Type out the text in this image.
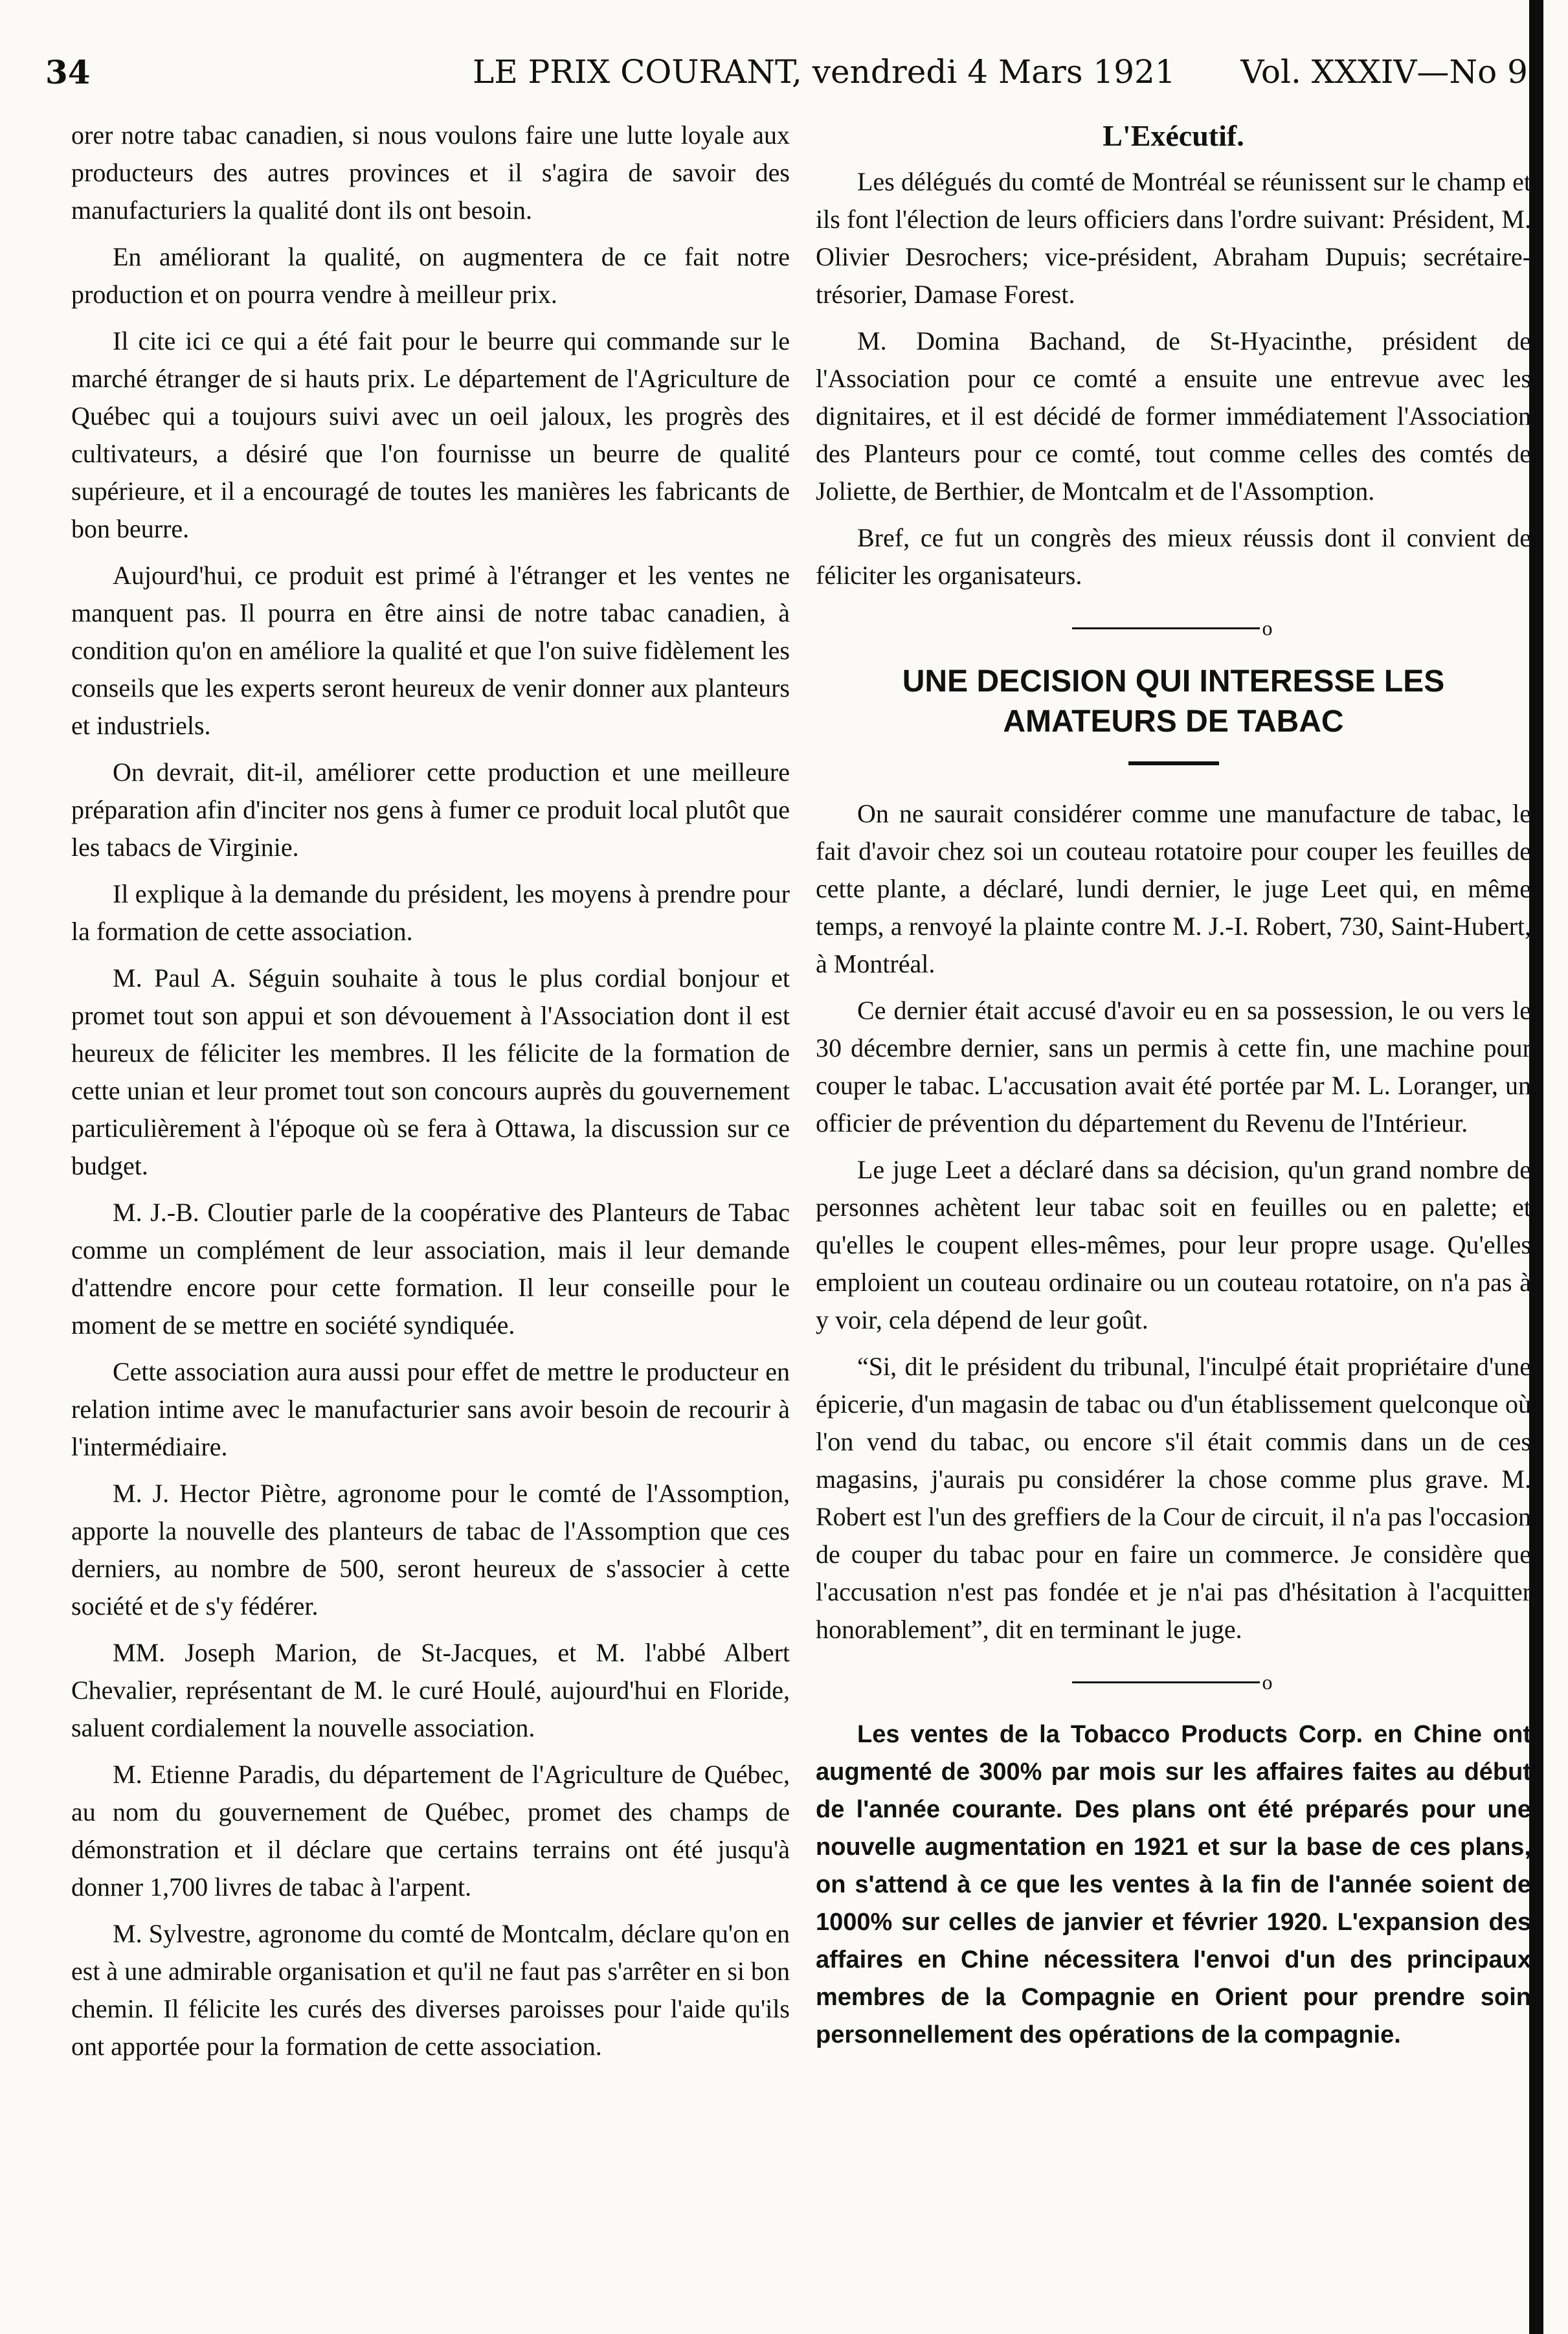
34	LE PRIX COURANT, vendredi 4 Mars 1921 Vol. XXXIV—No 9

orer notre tabac canadien, si nous voulons faire une lutte loyale aux producteurs des autres provinces et il s'agira de savoir des manufacturiers la qualité dont ils ont besoin.

En améliorant la qualité, on augmentera de ce fait notre production et on pourra vendre à meilleur prix.

Il cite ici ce qui a été fait pour le beurre qui commande sur le marché étranger de si hauts prix. Le département de l'Agriculture de Québec qui a toujours suivi avec un oeil jaloux, les progrès des cultivateurs, a désiré que l'on fournisse un beurre de qualité supérieure, et il a encouragé de toutes les manières les fabricants de bon beurre.

Aujourd'hui, ce produit est primé à l'étranger et les ventes ne manquent pas. Il pourra en être ainsi de notre tabac canadien, à condition qu'on en améliore la qualité et que l'on suive fidèlement les conseils que les experts seront heureux de venir donner aux planteurs et industriels.

On devrait, dit-il, améliorer cette production et une meilleure préparation afin d'inciter nos gens à fumer ce produit local plutôt que les tabacs de Virginie.

Il explique à la demande du président, les moyens à prendre pour la formation de cette association.

M. Paul A. Séguin souhaite à tous le plus cordial bonjour et promet tout son appui et son dévouement à l'Association dont il est heureux de féliciter les membres. Il les félicite de la formation de cette unian et leur promet tout son concours auprès du gouvernement particulièrement à l'époque où se fera à Ottawa, la discussion sur ce budget.

M. J.-B. Cloutier parle de la coopérative des Planteurs de Tabac comme un complément de leur association, mais il leur demande d'attendre encore pour cette formation. Il leur conseille pour le moment de se mettre en société syndiquée.

Cette association aura aussi pour effet de mettre le producteur en relation intime avec le manufacturier sans avoir besoin de recourir à l'intermédiaire.

M. J. Hector Piètre, agronome pour le comté de l'Assomption, apporte la nouvelle des planteurs de tabac de l'Assomption que ces derniers, au nombre de 500, seront heureux de s'associer à cette société et de s'y fédérer.

MM. Joseph Marion, de St-Jacques, et M. l'abbé Albert Chevalier, représentant de M. le curé Houlé, aujourd'hui en Floride, saluent cordialement la nouvelle association.

M. Etienne Paradis, du département de l'Agriculture de Québec, au nom du gouvernement de Québec, promet des champs de démonstration et il déclare que certains terrains ont été jusqu'à donner 1,700 livres de tabac à l'arpent.

M. Sylvestre, agronome du comté de Montcalm, déclare qu'on en est à une admirable organisation et qu'il ne faut pas s'arrêter en si bon chemin. Il félicite les curés des diverses paroisses pour l'aide qu'ils ont apportée pour la formation de cette association.

L'Exécutif.

Les délégués du comté de Montréal se réunissent sur le champ et ils font l'élection de leurs officiers dans l'ordre suivant: Président, M. Olivier Desrochers; vice-président, Abraham Dupuis; secrétaire-trésorier, Damase Forest.

M. Domina Bachand, de St-Hyacinthe, président de l'Association pour ce comté a ensuite une entrevue avec les dignitaires, et il est décidé de former immédiatement l'Association des Planteurs pour ce comté, tout comme celles des comtés de Joliette, de Berthier, de Montcalm et de l'Assomption.

Bref, ce fut un congrès des mieux réussis dont il convient de féliciter les organisateurs.

o
UNE DECISION QUI INTERESSE LES AMATEURS DE TABAC

On ne saurait considérer comme une manufacture de tabac, le fait d'avoir chez soi un couteau rotatoire pour couper les feuilles de cette plante, a déclaré, lundi dernier, le juge Leet qui, en même temps, a renvoyé la plainte contre M. J.-I. Robert, 730, Saint-Hubert, à Montréal.

Ce dernier était accusé d'avoir eu en sa possession, le ou vers le 30 décembre dernier, sans un permis à cette fin, une machine pour couper le tabac. L'accusation avait été portée par M. L. Loranger, un officier de prévention du département du Revenu de l'Intérieur.

Le juge Leet a déclaré dans sa décision, qu'un grand nombre de personnes achètent leur tabac soit en feuilles ou en palette; et qu'elles le coupent elles-mêmes, pour leur propre usage. Qu'elles emploient un couteau ordinaire ou un couteau rotatoire, on n'a pas à y voir, cela dépend de leur goût.

“Si, dit le président du tribunal, l'inculpé était propriétaire d'une épicerie, d'un magasin de tabac ou d'un établissement quelconque où l'on vend du tabac, ou encore s'il était commis dans un de ces magasins, j'aurais pu considérer la chose comme plus grave. M. Robert est l'un des greffiers de la Cour de circuit, il n'a pas l'occasion de couper du tabac pour en faire un commerce. Je considère que l'accusation n'est pas fondée et je n'ai pas d'hésitation à l'acquitter honorablement”, dit en terminant le juge.

o

Les ventes de la Tobacco Products Corp. en Chine ont augmenté de 300% par mois sur les affaires faites au début de l'année courante. Des plans ont été préparés pour une nouvelle augmentation en 1921 et sur la base de ces plans, on s'attend à ce que les ventes à la fin de l'année soient de 1000% sur celles de janvier et février 1920. L'expansion des affaires en Chine nécessitera l'envoi d'un des principaux membres de la Compagnie en Orient pour prendre soin personnellement des opérations de la compagnie.
